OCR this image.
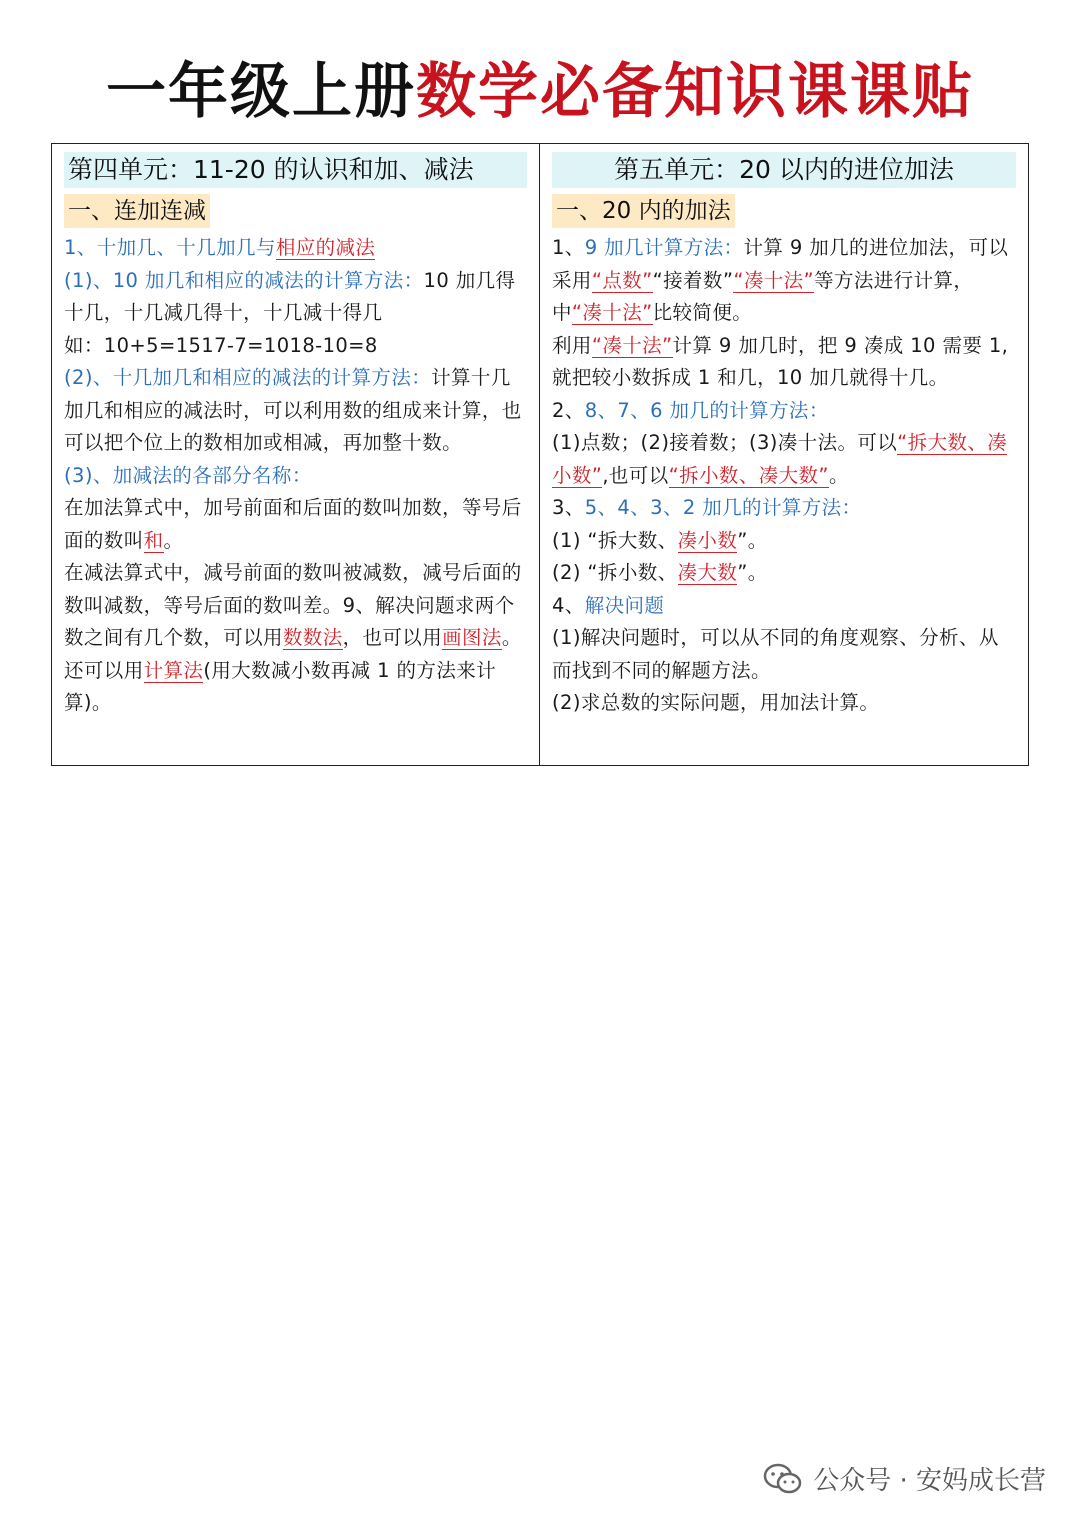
一年级上册数学必备知识课课贴
第四单元：11-20 的认识和加、减法
一、连加连减

1、十加几、十几加几与相应的减法

(1)、10 加几和相应的减法的计算方法：10 加几得十几，十几减几得十，十几减十得几

如：10+5=1517-7=1018-10=8

(2)、十几加几和相应的减法的计算方法：计算十几加几和相应的减法时，可以利用数的组成来计算，也可以把个位上的数相加或相减，再加整十数。

(3)、加减法的各部分名称：

在加法算式中，加号前面和后面的数叫加数，等号后面的数叫和。

在减法算式中，减号前面的数叫被减数，减号后面的数叫减数，等号后面的数叫差。9、解决问题求两个数之间有几个数，可以用数数法，也可以用画图法。还可以用计算法(用大数减小数再减 1 的方法来计算)。

第五单元：20 以内的进位加法
一、20 内的加法

1、9 加几计算方法：计算 9 加几的进位加法，可以采用“点数”“接着数”“凑十法”等方法进行计算，中“凑十法”比较简便。

利用“凑十法”计算 9 加几时，把 9 凑成 10 需要 1,就把较小数拆成 1 和几，10 加几就得十几。

2、8、7、6 加几的计算方法：

(1)点数；(2)接着数；(3)凑十法。可以“拆大数、凑小数”,也可以“拆小数、凑大数”。

3、5、4、3、2 加几的计算方法：

(1) “拆大数、凑小数”。

(2) “拆小数、凑大数”。

4、解决问题

(1)解决问题时，可以从不同的角度观察、分析、从而找到不同的解题方法。

(2)求总数的实际问题，用加法计算。

公众号 · 安妈成长营
